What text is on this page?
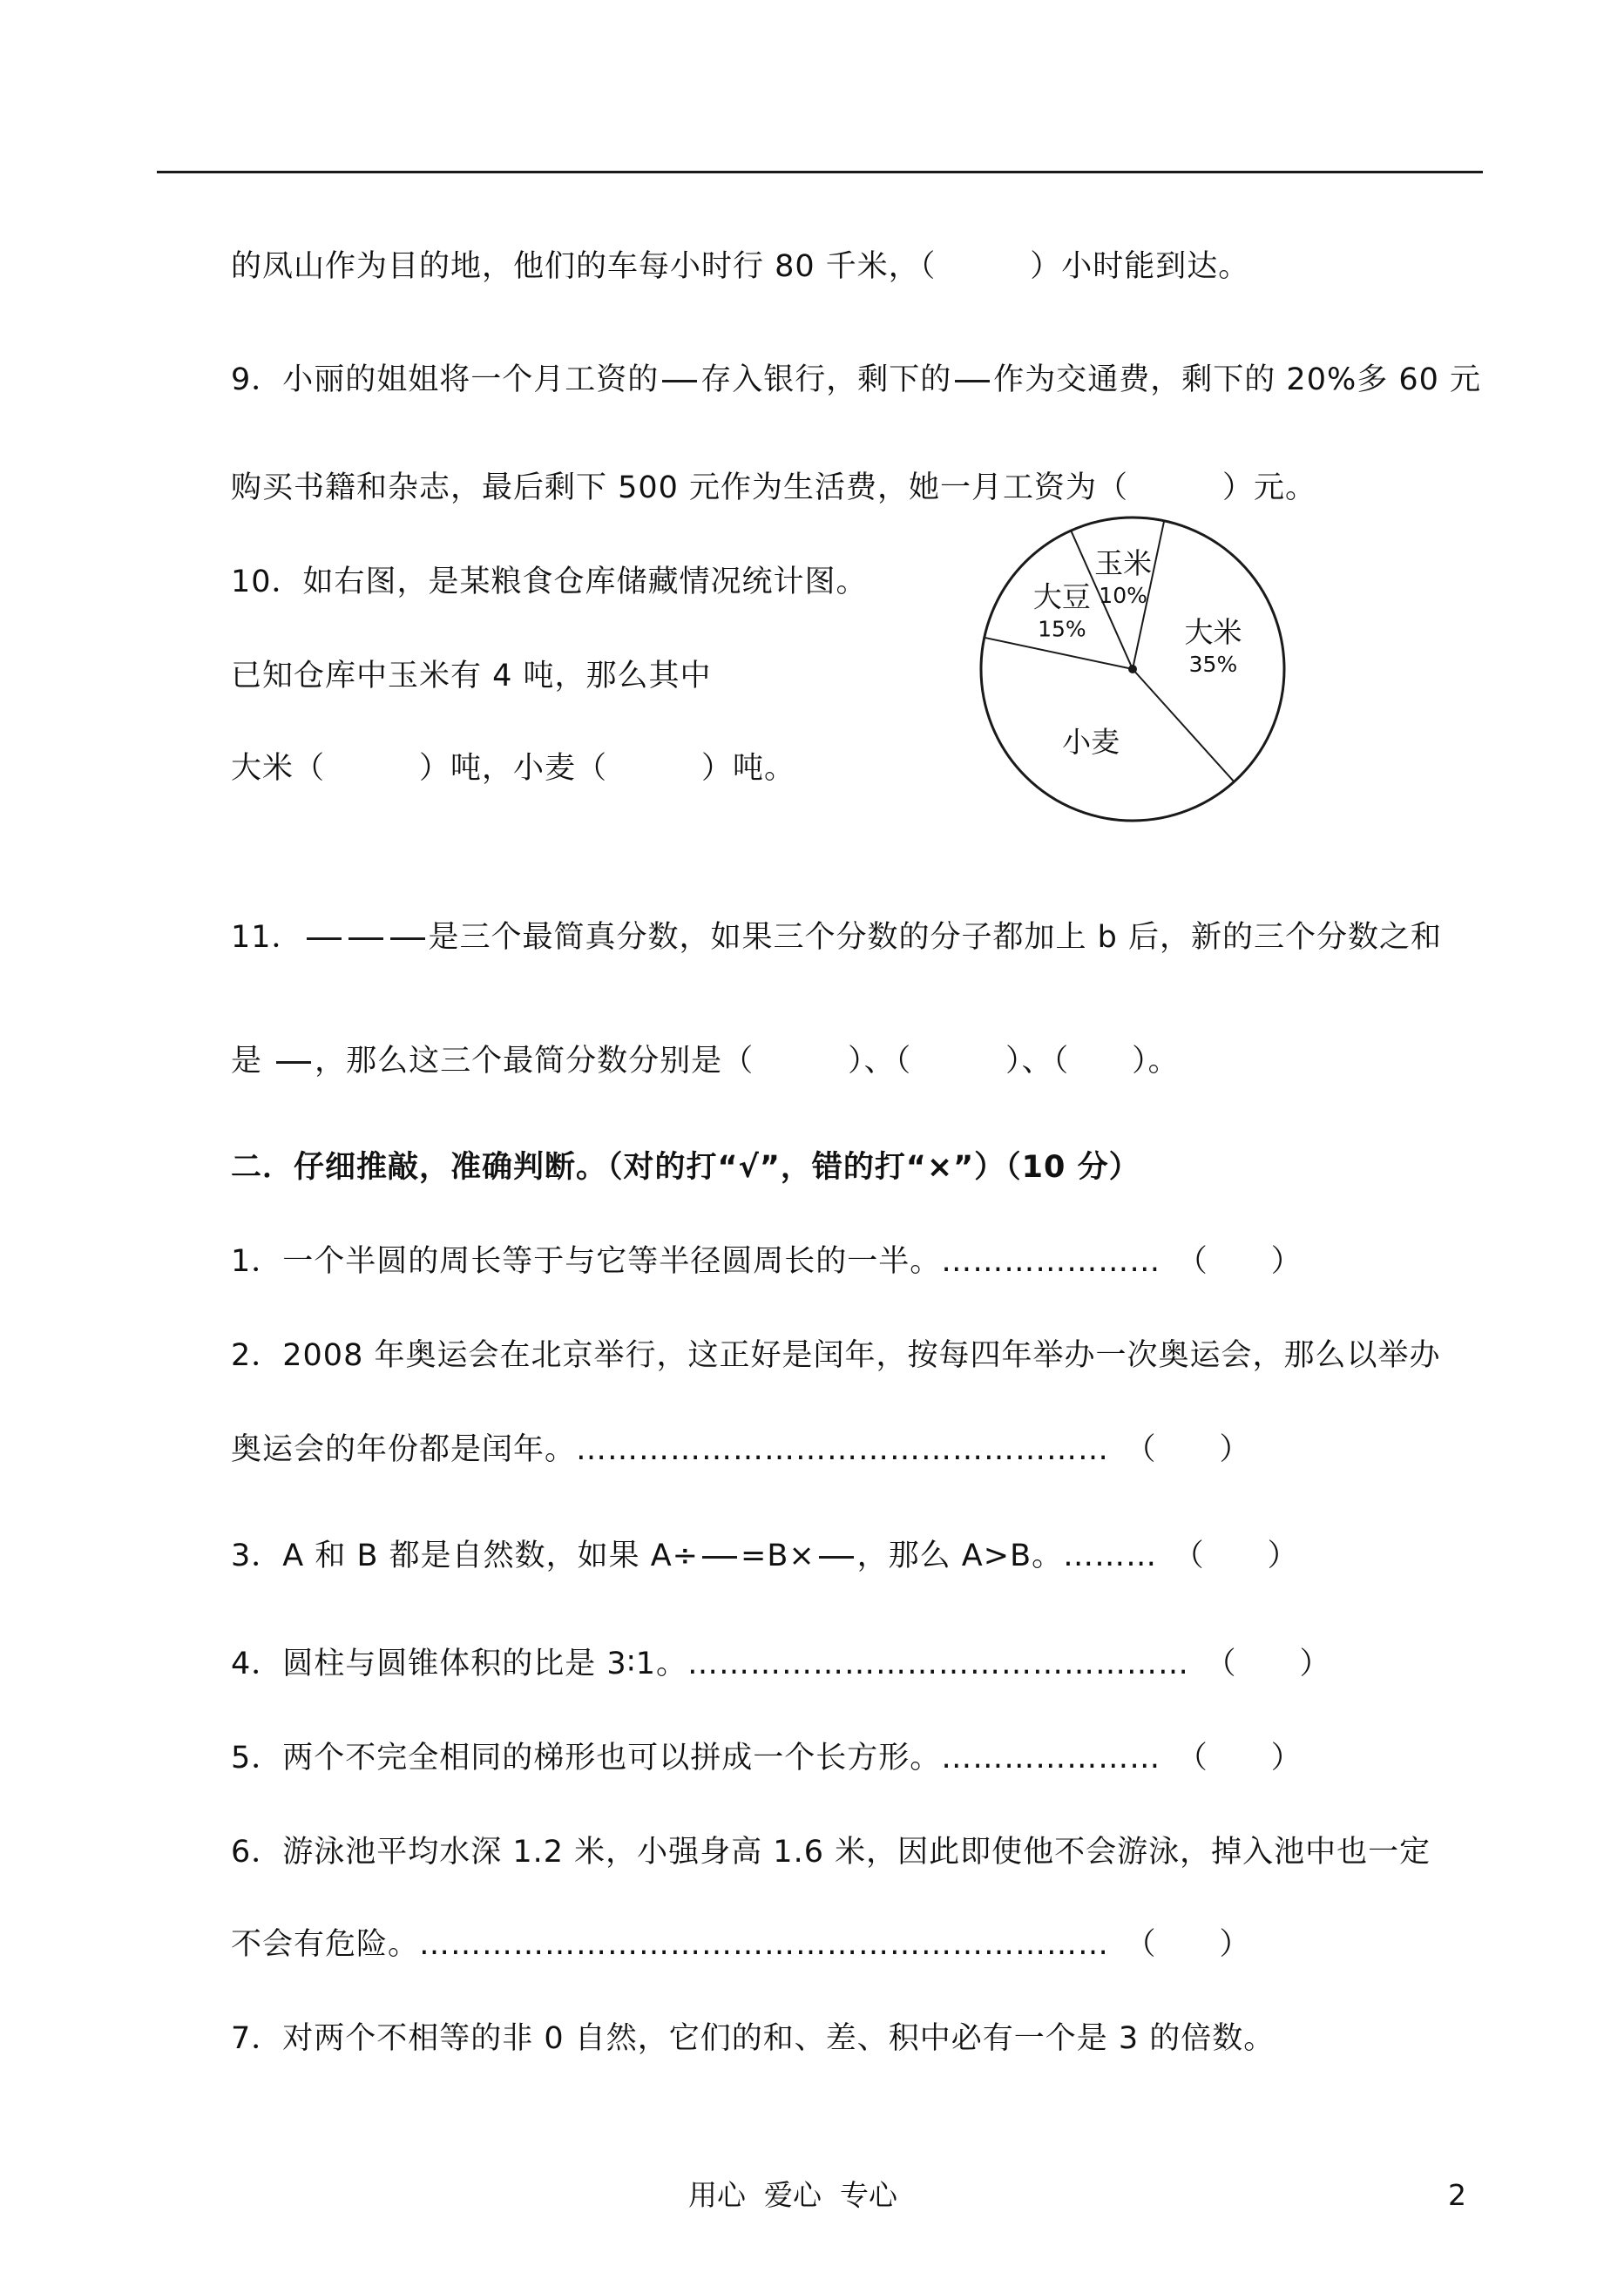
的凤山作为目的地，他们的车每小时行 80 千米，（　　　）小时能到达。
9．小丽的姐姐将一个月工资的 存入银行，剩下的 作为交通费，剩下的 20%多 60 元
购买书籍和杂志，最后剩下 500 元作为生活费，她一月工资为（　　　）元。
10．如右图，是某粮食仓库储藏情况统计图。
已知仓库中玉米有 4 吨，那么其中
大米（　　　）吨，小麦（　　　）吨。
玉米
10%
大米
35%
小麦
大豆
15%
11．	是三个最简真分数，如果三个分数的分子都加上 b 后，新的三个分数之和
是 ，那么这三个最简分数分别是（　　　）、（　　　）、（　　）。
二．仔细推敲，准确判断。（对的打“√”，错的打“×”）（10 分）
1．一个半圆的周长等于与它等半径圆周长的一半。…………………　（　　）
2．2008 年奥运会在北京举行，这正好是闰年，按每四年举办一次奥运会，那么以举办
奥运会的年份都是闰年。……………………………………………　（　　）
3．A 和 B 都是自然数，如果 A÷ =B× ，那么 A>B。………　（　　）
4．圆柱与圆锥体积的比是 3∶1。…………………………………………　（　　）
5．两个不完全相同的梯形也可以拼成一个长方形。…………………　（　　）
6．游泳池平均水深 1.2 米，小强身高 1.6 米，因此即使他不会游泳，掉入池中也一定
不会有危险。…………………………………………………………　（　　）
7．对两个不相等的非 0 自然，它们的和、差、积中必有一个是 3 的倍数。
用心  爱心  专心	2
